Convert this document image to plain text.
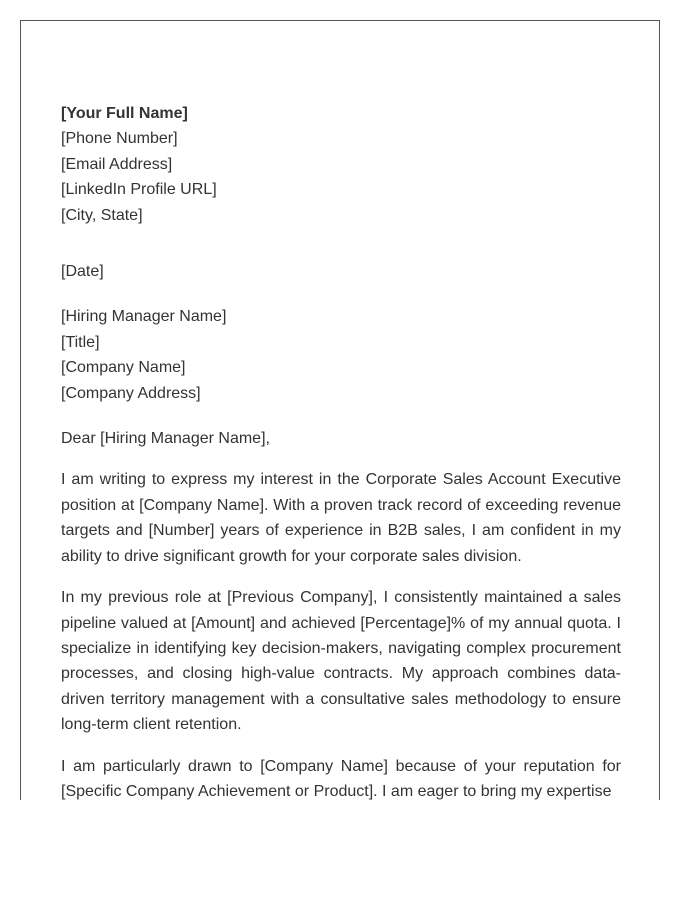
[Your Full Name]
[Phone Number]
[Email Address]
[LinkedIn Profile URL]
[City, State]
[Date]
[Hiring Manager Name]
[Title]
[Company Name]
[Company Address]
Dear [Hiring Manager Name],

I am writing to express my interest in the Corporate Sales Account Executive position at [Company Name]. With a proven track record of exceeding revenue targets and [Number] years of experience in B2B sales, I am confident in my ability to drive significant growth for your corporate sales division.

In my previous role at [Previous Company], I consistently maintained a sales pipeline valued at [Amount] and achieved [Percentage]% of my annual quota. I specialize in identifying key decision-makers, navigating complex procurement processes, and closing high-value contracts. My approach combines data-driven territory management with a consultative sales methodology to ensure long-term client retention.

I am particularly drawn to [Company Name] because of your reputation for [Specific Company Achievement or Product]. I am eager to bring my expertise
